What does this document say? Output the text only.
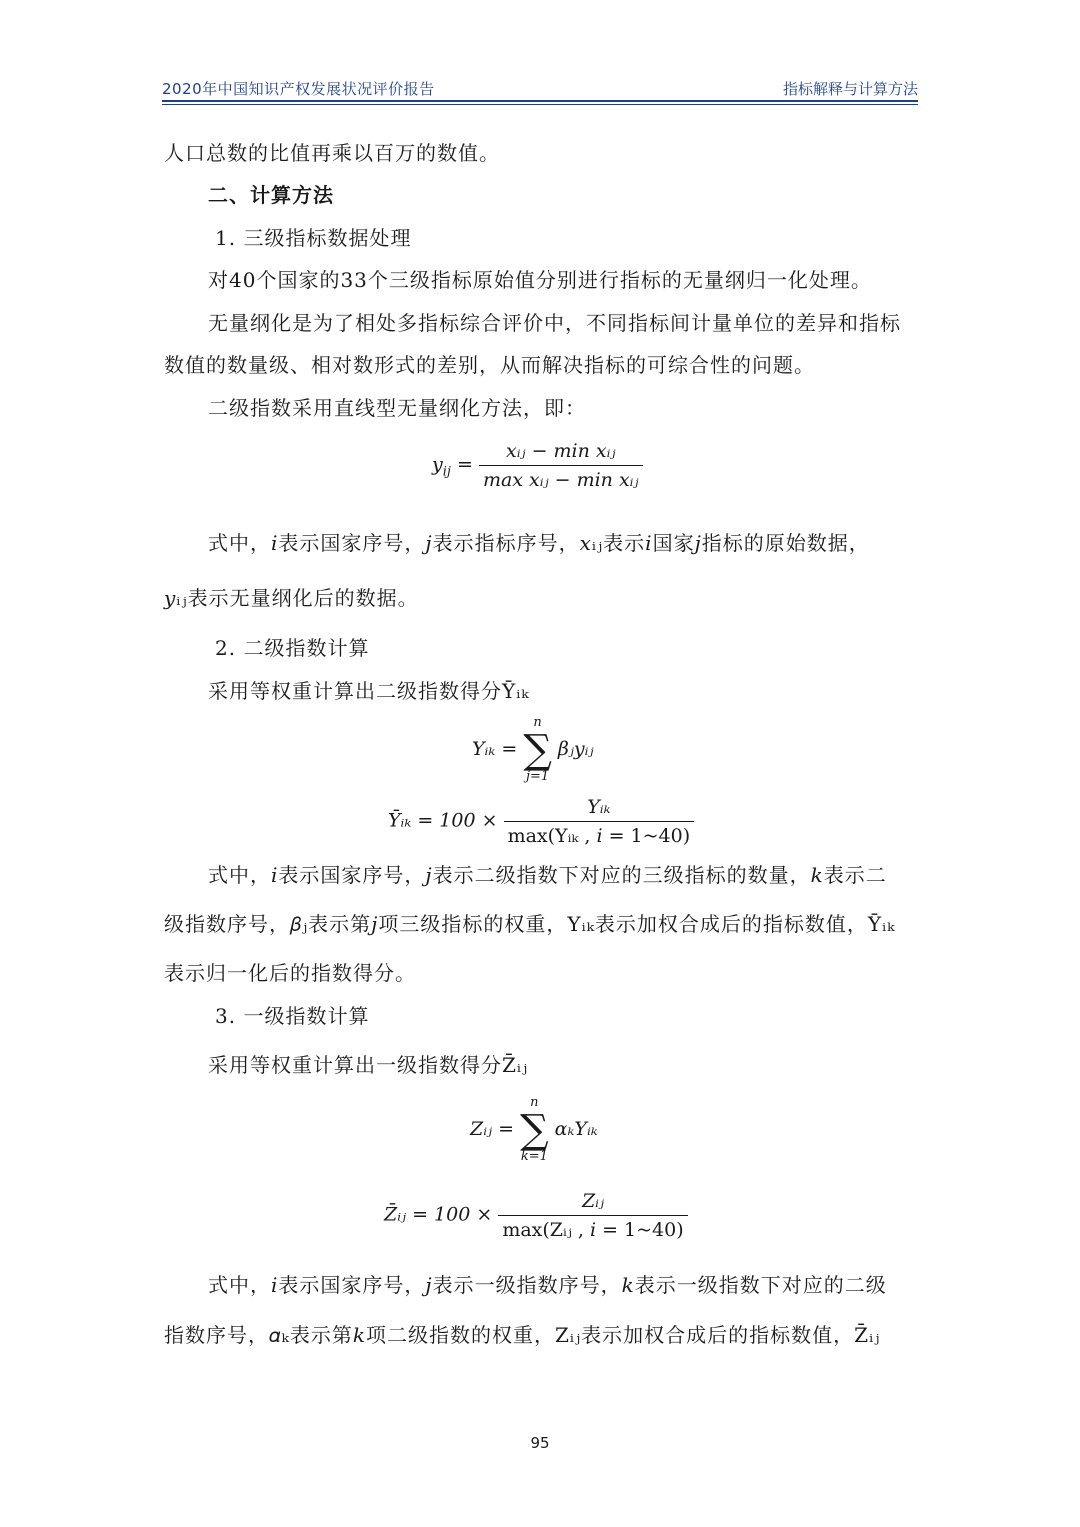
2020年中国知识产权发展状况评价报告	指标解释与计算方法
人口总数的比值再乘以百万的数值。
二、计算方法
1. 三级指标数据处理
对40个国家的33个三级指标原始值分别进行指标的无量纲归一化处理。
无量纲化是为了相处多指标综合评价中，不同指标间计量单位的差异和指标
数值的数量级、相对数形式的差别，从而解决指标的可综合性的问题。
二级指数采用直线型无量纲化方法，即：
$y_{ij} = \frac{\text{xᵢⱼ − min xᵢⱼ}}{\text{max xᵢⱼ − min xᵢⱼ}}$
式中，𝑖表示国家序号，𝑗表示指标序号，𝑥ᵢⱼ表示𝑖国家𝑗指标的原始数据，
𝑦ᵢⱼ表示无量纲化后的数据。
2. 二级指数计算
采用等权重计算出二级指数得分Ȳᵢₖ
Yᵢₖ =
n
∑
j=1
βⱼyᵢⱼ
Ȳᵢₖ = $100 \times \frac{\text{Yᵢₖ}}{\text{max(Yᵢₖ , 𝑖 = 1\textasciitilde{}40)}}$
式中，𝑖表示国家序号，𝑗表示二级指数下对应的三级指标的数量，𝑘表示二
级指数序号，𝛽ⱼ表示第𝑗项三级指标的权重，Yᵢₖ表示加权合成后的指标数值，Ȳᵢₖ
表示归一化后的指数得分。
3. 一级指数计算
采用等权重计算出一级指数得分Z̄ᵢⱼ
Zᵢⱼ =
n
∑
k=1
αₖYᵢₖ
Z̄ᵢⱼ = $100 \times \frac{\text{Zᵢⱼ}}{\text{max(Zᵢⱼ , 𝑖 = 1\textasciitilde{}40)}}$
式中，𝑖表示国家序号，𝑗表示一级指数序号，𝑘表示一级指数下对应的二级
指数序号，𝛼ₖ表示第𝑘项二级指数的权重，Zᵢⱼ表示加权合成后的指标数值，Z̄ᵢⱼ
95
